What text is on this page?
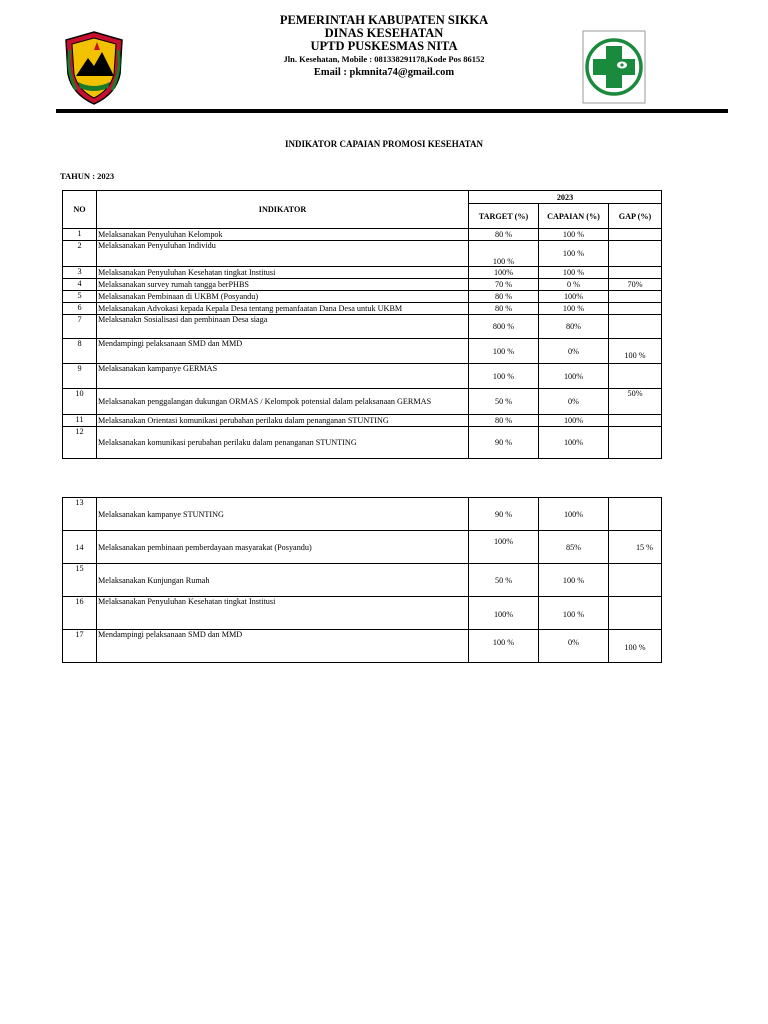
PEMERINTAH KABUPATEN SIKKA
DINAS KESEHATAN
UPTD PUSKESMAS NITA
Jln. Kesehatan, Mobile : 081338291178,Kode Pos 86152
Email : pkmnita74@gmail.com
INDIKATOR CAPAIAN PROMOSI KESEHATAN
TAHUN : 2023
NO	INDIKATOR	2023		
		TARGET (%)	CAPAIAN (%)	GAP (%)
1	Melaksanakan Penyuluhan Kelompok	80 %	100 %	
2	Melaksanakan Penyuluhan Individu	100 %	100 %	
3	Melaksanakan Penyuluhan Kesehatan tingkat Institusi	100%	100 %	
4	Melaksanakan survey rumah tangga berPHBS	70 %	0 %	70%
5	Melaksanakan Pembinaan di UKBM (Posyandu)	80 %	100%	
6	Melaksanakan Advokasi kepada Kepala Desa tentang pemanfaatan Dana Desa untuk UKBM	80 %	100 %	
7	Melaksanakn Sosialisasi dan pembinaan Desa siaga	800 %	80%	
8	Mendampingi pelaksanaan SMD dan MMD	100 %	0%	100 %
9	Melaksanakan kampanye GERMAS	100 %	100%	
10	Melaksanakan penggalangan dukungan ORMAS / Kelompok potensial dalam pelaksanaan GERMAS	50 %	0%	50%
11	Melaksanakan Orientasi komunikasi perubahan perilaku dalam penanganan STUNTING	80 %	100%	
12	Melaksanakan komunikasi perubahan perilaku dalam penanganan STUNTING	90 %	100%	
13	Melaksanakan kampanye STUNTING	90 %	100%	
14	Melaksanakan pembinaan pemberdayaan masyarakat (Posyandu)	100%	85%	15 %
15	Melaksanakan Kunjungan Rumah	50 %	100 %	
16	Melaksanakan Penyuluhan Kesehatan tingkat Institusi	100%	100 %	
17	Mendampingi pelaksanaan SMD dan MMD	100 %	0%	100 %
